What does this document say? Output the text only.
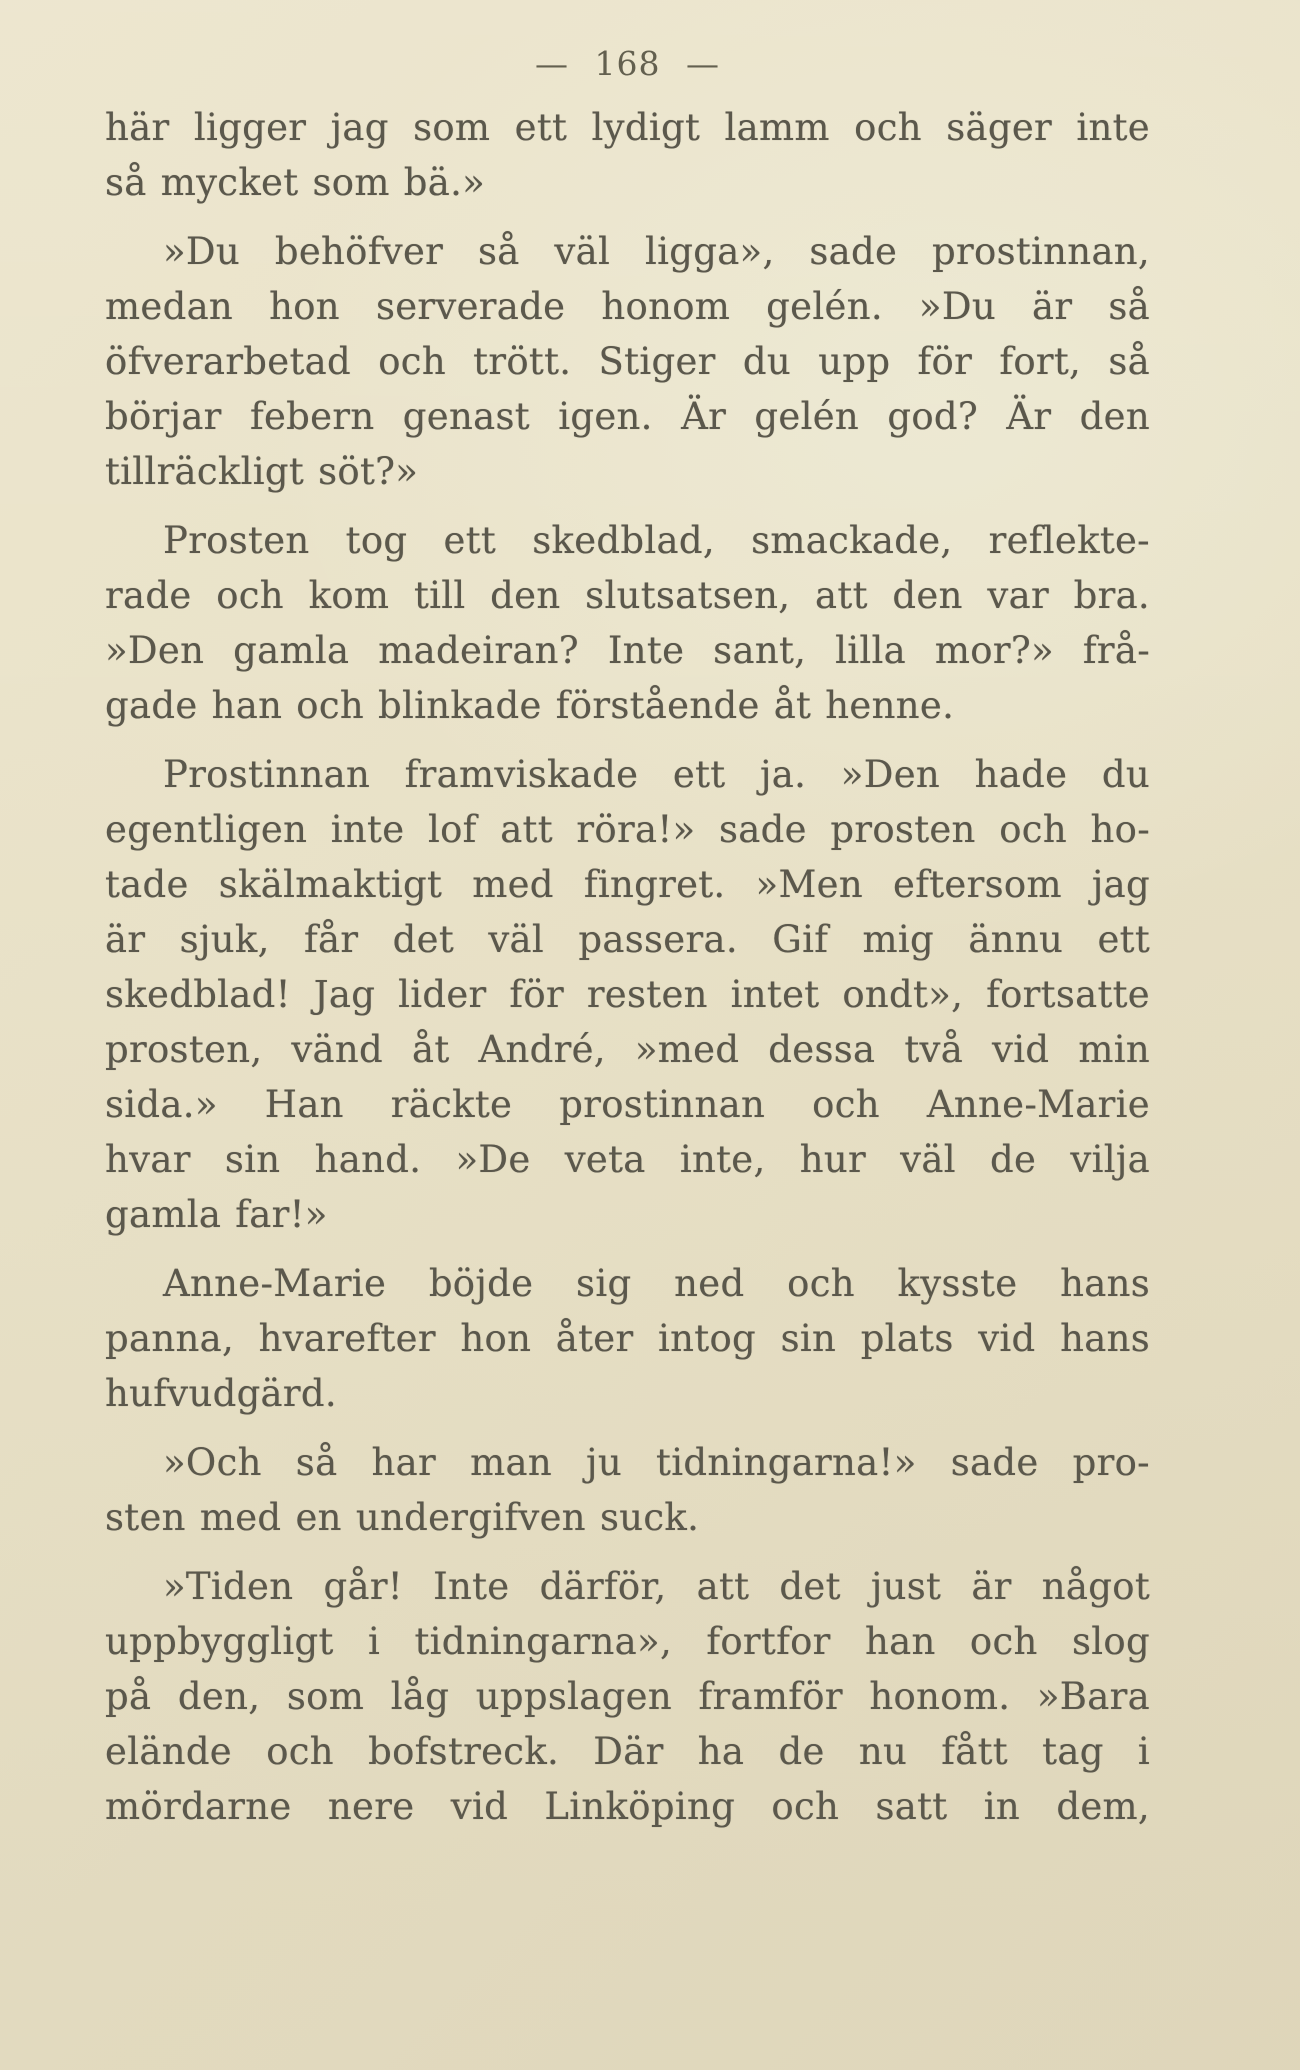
— 168 —
här ligger jag som ett lydigt lamm och säger inte
så mycket som bä.»
»Du behöfver så väl ligga», sade prostinnan,
medan hon serverade honom gelén. »Du är så
öfverarbetad och trött. Stiger du upp för fort, så
börjar febern genast igen. Är gelén god? Är den
tillräckligt söt?»
Prosten tog ett skedblad, smackade, reflekte-
rade och kom till den slutsatsen, att den var bra.
»Den gamla madeiran? Inte sant, lilla mor?» frå-
gade han och blinkade förstående åt henne.
Prostinnan framviskade ett ja. »Den hade du
egentligen inte lof att röra!» sade prosten och ho-
tade skälmaktigt med fingret. »Men eftersom jag
är sjuk, får det väl passera. Gif mig ännu ett
skedblad! Jag lider för resten intet ondt», fortsatte
prosten, vänd åt André, »med dessa två vid min
sida.» Han räckte prostinnan och Anne-Marie
hvar sin hand. »De veta inte, hur väl de vilja
gamla far!»
Anne-Marie böjde sig ned och kysste hans
panna, hvarefter hon åter intog sin plats vid hans
hufvudgärd.
»Och så har man ju tidningarna!» sade pro-
sten med en undergifven suck.
»Tiden går! Inte därför, att det just är något
uppbyggligt i tidningarna», fortfor han och slog
på den, som låg uppslagen framför honom. »Bara
elände och bofstreck. Där ha de nu fått tag i
mördarne nere vid Linköping och satt in dem,
